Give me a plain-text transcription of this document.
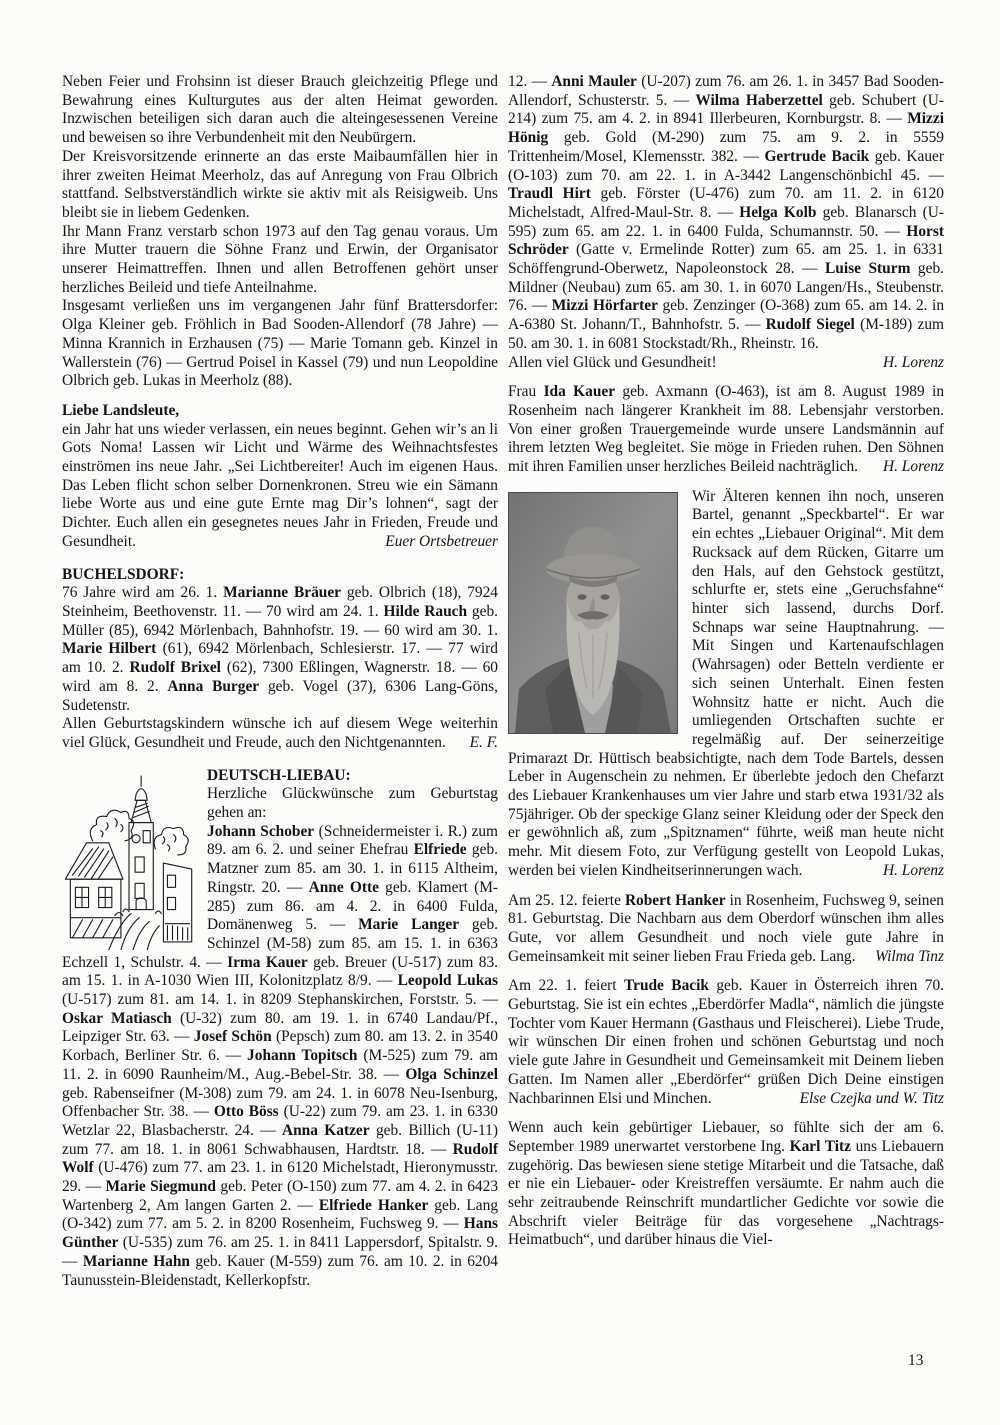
Neben Feier und Frohsinn ist dieser Brauch gleichzeitig Pflege und Bewahrung eines Kulturgutes aus der alten Heimat geworden. Inzwischen beteiligen sich daran auch die alteingesessenen Vereine und beweisen so ihre Verbundenheit mit den Neubürgern.

Der Kreisvorsitzende erinnerte an das erste Maibaumfällen hier in ihrer zweiten Heimat Meerholz, das auf Anregung von Frau Olbrich stattfand. Selbstverständlich wirkte sie aktiv mit als Reisigweib. Uns bleibt sie in liebem Gedenken.

Ihr Mann Franz verstarb schon 1973 auf den Tag genau voraus. Um ihre Mutter trauern die Söhne Franz und Erwin, der Organisator unserer Heimattreffen. Ihnen und allen Betroffenen gehört unser herzliches Beileid und tiefe Anteilnahme.

Insgesamt verließen uns im vergangenen Jahr fünf Brattersdorfer: Olga Kleiner geb. Fröhlich in Bad Sooden-Allendorf (78 Jahre) — Minna Krannich in Erzhausen (75) — Marie Tomann geb. Kinzel in Wallerstein (76) — Gertrud Poisel in Kassel (79) und nun Leopoldine Olbrich geb. Lukas in Meerholz (88).

Liebe Landsleute,

ein Jahr hat uns wieder verlassen, ein neues beginnt. Gehen wir’s an li Gots Noma! Lassen wir Licht und Wärme des Weihnachtsfestes einströmen ins neue Jahr. „Sei Lichtbereiter! Auch im eigenen Haus. Das Leben flicht schon selber Dornenkronen. Streu wie ein Sämann liebe Worte aus und eine gute Ernte mag Dir’s lohnen“, sagt der Dichter. Euch allen ein gesegnetes neues Jahr in Frieden, Freude und Gesundheit.	Euer Ortsbetreuer

BUCHELSDORF:

76 Jahre wird am 26. 1. Marianne Bräuer geb. Olbrich (18), 7924 Steinheim, Beethovenstr. 11. — 70 wird am 24. 1. Hilde Rauch geb. Müller (85), 6942 Mörlenbach, Bahnhofstr. 19. — 60 wird am 30. 1. Marie Hilbert (61), 6942 Mörlenbach, Schlesierstr. 17. — 77 wird am 10. 2. Rudolf Brixel (62), 7300 Eßlingen, Wagnerstr. 18. — 60 wird am 8. 2. Anna Burger geb. Vogel (37), 6306 Lang-Göns, Sudetenstr.

Allen Geburtstagskindern wünsche ich auf diesem Wege weiterhin viel Glück, Gesundheit und Freude, auch den Nichtgenannten. E. F.

DEUTSCH-LIEBAU:

Herzliche Glückwünsche zum Geburtstag gehen an:

Johann Schober (Schneidermeister i. R.) zum 89. am 6. 2. und seiner Ehefrau Elfriede geb. Matzner zum 85. am 30. 1. in 6115 Altheim, Ringstr. 20. — Anne Otte geb. Klamert (M-285) zum 86. am 4. 2. in 6400 Fulda, Domänenweg 5. — Marie Langer geb. Schinzel (M-58) zum 85. am 15. 1. in 6363 Echzell 1, Schulstr. 4. — Irma Kauer geb. Breuer (U-517) zum 83. am 15. 1. in A-1030 Wien III, Kolonitzplatz 8/9. — Leopold Lukas (U-517) zum 81. am 14. 1. in 8209 Stephanskirchen, Forststr. 5. — Oskar Matiasch (U-32) zum 80. am 19. 1. in 6740 Landau/Pf., Leipziger Str. 63. — Josef Schön (Pepsch) zum 80. am 13. 2. in 3540 Korbach, Berliner Str. 6. — Johann Topitsch (M-525) zum 79. am 11. 2. in 6090 Raunheim/M., Aug.-Bebel-Str. 38. — Olga Schinzel geb. Rabenseifner (M-308) zum 79. am 24. 1. in 6078 Neu-Isenburg, Offenbacher Str. 38. — Otto Böss (U-22) zum 79. am 23. 1. in 6330 Wetzlar 22, Blasbacherstr. 24. — Anna Katzer geb. Billich (U-11) zum 77. am 18. 1. in 8061 Schwabhausen, Hardtstr. 18. — Rudolf Wolf (U-476) zum 77. am 23. 1. in 6120 Michelstadt, Hieronymusstr. 29. — Marie Siegmund geb. Peter (O-150) zum 77. am 4. 2. in 6423 Wartenberg 2, Am langen Garten 2. — Elfriede Hanker geb. Lang (O-342) zum 77. am 5. 2. in 8200 Rosenheim, Fuchsweg 9. — Hans Günther (U-535) zum 76. am 25. 1. in 8411 Lappersdorf, Spitalstr. 9. — Marianne Hahn geb. Kauer (M-559) zum 76. am 10. 2. in 6204 Taunusstein-Bleidenstadt, Kellerkopfstr.

12. — Anni Mauler (U-207) zum 76. am 26. 1. in 3457 Bad Sooden-Allendorf, Schusterstr. 5. — Wilma Haberzettel geb. Schubert (U-214) zum 75. am 4. 2. in 8941 Illerbeuren, Kornburgstr. 8. — Mizzi Hönig geb. Gold (M-290) zum 75. am 9. 2. in 5559 Trittenheim/Mosel, Klemensstr. 382. — Gertrude Bacik geb. Kauer (O-103) zum 70. am 22. 1. in A-3442 Langenschönbichl 45. — Traudl Hirt geb. Förster (U-476) zum 70. am 11. 2. in 6120 Michelstadt, Alfred-Maul-Str. 8. — Helga Kolb geb. Blanarsch (U-595) zum 65. am 22. 1. in 6400 Fulda, Schumannstr. 50. — Horst Schröder (Gatte v. Ermelinde Rotter) zum 65. am 25. 1. in 6331 Schöffengrund-Oberwetz, Napoleonstock 28. — Luise Sturm geb. Mildner (Neubau) zum 65. am 30. 1. in 6070 Langen/Hs., Steubenstr. 76. — Mizzi Hörfarter geb. Zenzinger (O-368) zum 65. am 14. 2. in A-6380 St. Johann/T., Bahnhofstr. 5. — Rudolf Siegel (M-189) zum 50. am 30. 1. in 6081 Stockstadt/Rh., Rheinstr. 16.

Allen viel Glück und Gesundheit!	H. Lorenz

Frau Ida Kauer geb. Axmann (O-463), ist am 8. August 1989 in Rosenheim nach längerer Krankheit im 88. Lebensjahr verstorben. Von einer großen Trauergemeinde wurde unsere Landsmännin auf ihrem letzten Weg begleitet. Sie möge in Frieden ruhen. Den Söhnen mit ihren Familien unser herzliches Beileid nachträglich. H. Lorenz

Wir Älteren kennen ihn noch, unseren Bartel, genannt „Speckbartel“. Er war ein echtes „Liebauer Original“. Mit dem Rucksack auf dem Rücken, Gitarre um den Hals, auf den Gehstock gestützt, schlurfte er, stets eine „Geruchsfahne“ hinter sich lassend, durchs Dorf. Schnaps war seine Hauptnahrung. — Mit Singen und Kartenaufschlagen (Wahrsagen) oder Betteln verdiente er sich seinen Unterhalt. Einen festen Wohnsitz hatte er nicht. Auch die umliegenden Ortschaften suchte er regelmäßig auf. Der seinerzeitige Primarazt Dr. Hüttisch beabsichtigte, nach dem Tode Bartels, dessen Leber in Augenschein zu nehmen. Er überlebte jedoch den Chefarzt des Liebauer Krankenhauses um vier Jahre und starb etwa 1931/32 als 75jähriger. Ob der speckige Glanz seiner Kleidung oder der Speck den er gewöhnlich aß, zum „Spitznamen“ führte, weiß man heute nicht mehr. Mit diesem Foto, zur Verfügung gestellt von Leopold Lukas, werden bei vielen Kindheitserinnerungen wach.	H. Lorenz

Am 25. 12. feierte Robert Hanker in Rosenheim, Fuchsweg 9, seinen 81. Geburtstag. Die Nachbarn aus dem Oberdorf wünschen ihm alles Gute, vor allem Gesundheit und noch viele gute Jahre in Gemeinsamkeit mit seiner lieben Frau Frieda geb. Lang. Wilma Tinz

Am 22. 1. feiert Trude Bacik geb. Kauer in Österreich ihren 70. Geburtstag. Sie ist ein echtes „Eberdörfer Madla“, nämlich die jüngste Tochter vom Kauer Hermann (Gasthaus und Fleischerei). Liebe Trude, wir wünschen Dir einen frohen und schönen Geburtstag und noch viele gute Jahre in Gesundheit und Gemeinsamkeit mit Deinem lieben Gatten. Im Namen aller „Eberdörfer“ grüßen Dich Deine einstigen Nachbarinnen Elsi und Minchen.	Else Czejka und W. Titz

Wenn auch kein gebürtiger Liebauer, so fühlte sich der am 6. September 1989 unerwartet verstorbene Ing. Karl Titz uns Liebauern zugehörig. Das bewiesen siene stetige Mitarbeit und die Tatsache, daß er nie ein Liebauer- oder Kreistreffen versäumte. Er nahm auch die sehr zeitraubende Reinschrift mundartlicher Gedichte vor sowie die Abschrift vieler Beiträge für das vorgesehene „Nachtrags-Heimatbuch“, und darüber hinaus die Viel-

13
